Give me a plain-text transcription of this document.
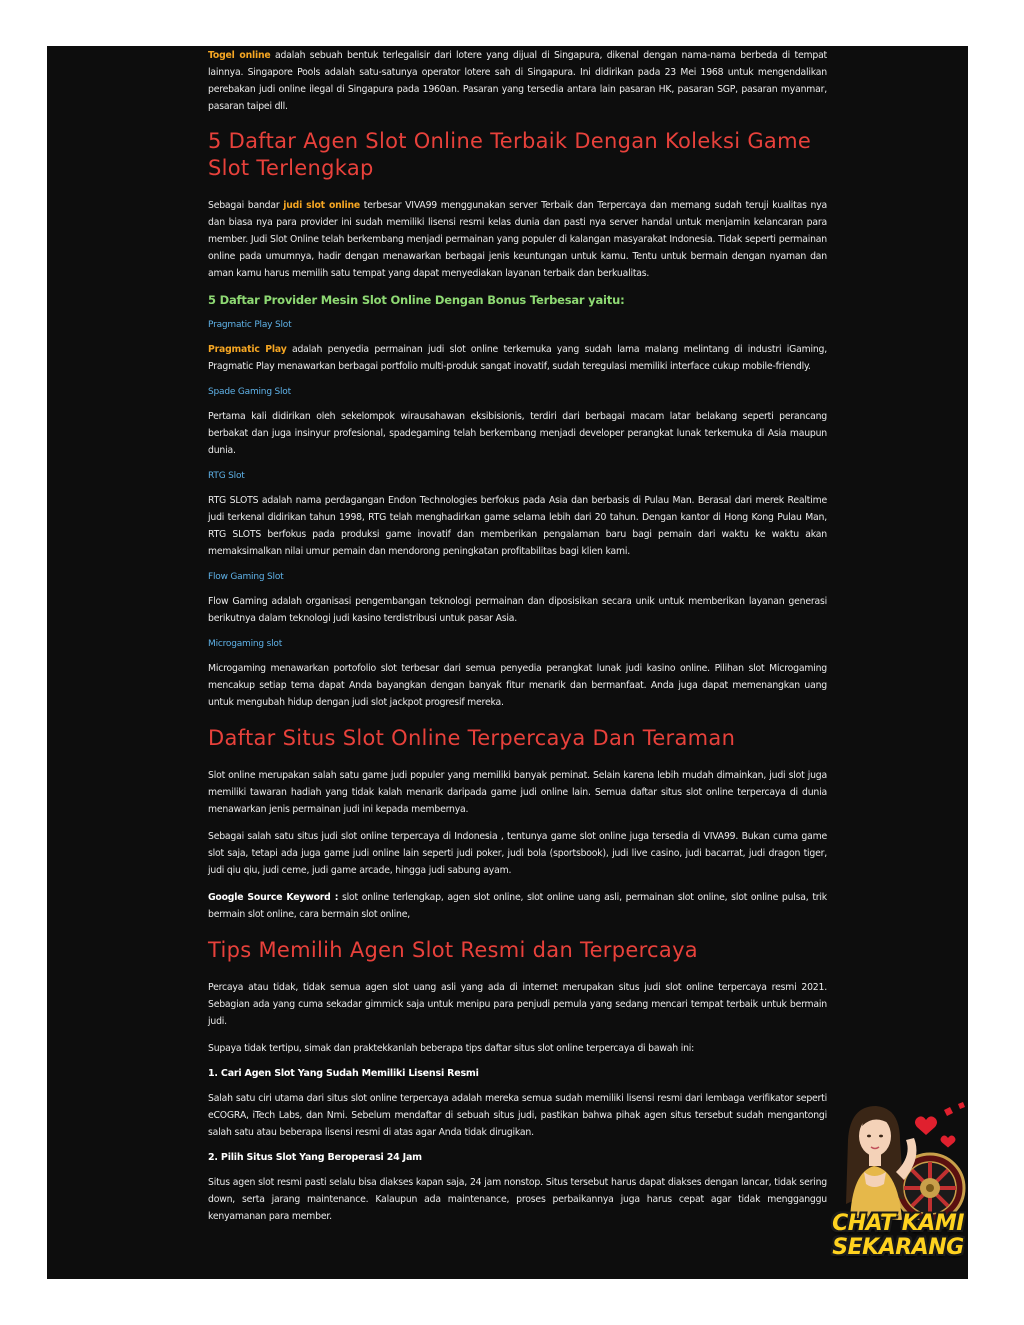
Togel online adalah sebuah bentuk terlegalisir dari lotere yang dijual di Singapura, dikenal dengan nama-nama berbeda di tempat lainnya. Singapore Pools adalah satu-satunya operator lotere sah di Singapura. Ini didirikan pada 23 Mei 1968 untuk mengendalikan perebakan judi online ilegal di Singapura pada 1960an. Pasaran yang tersedia antara lain pasaran HK, pasaran SGP, pasaran myanmar, pasaran taipei dll.

5 Daftar Agen Slot Online Terbaik Dengan Koleksi Game Slot Terlengkap

Sebagai bandar judi slot online terbesar VIVA99 menggunakan server Terbaik dan Terpercaya dan memang sudah teruji kualitas nya dan biasa nya para provider ini sudah memiliki lisensi resmi kelas dunia dan pasti nya server handal untuk menjamin kelancaran para member. Judi Slot Online telah berkembang menjadi permainan yang populer di kalangan masyarakat Indonesia. Tidak seperti permainan online pada umumnya, hadir dengan menawarkan berbagai jenis keuntungan untuk kamu. Tentu untuk bermain dengan nyaman dan aman kamu harus memilih satu tempat yang dapat menyediakan layanan terbaik dan berkualitas.

5 Daftar Provider Mesin Slot Online Dengan Bonus Terbesar yaitu:
Pragmatic Play Slot

Pragmatic Play adalah penyedia permainan judi slot online terkemuka yang sudah lama malang melintang di industri iGaming, Pragmatic Play menawarkan berbagai portfolio multi-produk sangat inovatif, sudah teregulasi memiliki interface cukup mobile-friendly.

Spade Gaming Slot

Pertama kali didirikan oleh sekelompok wirausahawan eksibisionis, terdiri dari berbagai macam latar belakang seperti perancang berbakat dan juga insinyur profesional, spadegaming telah berkembang menjadi developer perangkat lunak terkemuka di Asia maupun dunia.

RTG Slot

RTG SLOTS adalah nama perdagangan Endon Technologies berfokus pada Asia dan berbasis di Pulau Man. Berasal dari merek Realtime judi terkenal didirikan tahun 1998, RTG telah menghadirkan game selama lebih dari 20 tahun. Dengan kantor di Hong Kong Pulau Man, RTG SLOTS berfokus pada produksi game inovatif dan memberikan pengalaman baru bagi pemain dari waktu ke waktu akan memaksimalkan nilai umur pemain dan mendorong peningkatan profitabilitas bagi klien kami.

Flow Gaming Slot

Flow Gaming adalah organisasi pengembangan teknologi permainan dan diposisikan secara unik untuk memberikan layanan generasi berikutnya dalam teknologi judi kasino terdistribusi untuk pasar Asia.

Microgaming slot

Microgaming menawarkan portofolio slot terbesar dari semua penyedia perangkat lunak judi kasino online. Pilihan slot Microgaming mencakup setiap tema dapat Anda bayangkan dengan banyak fitur menarik dan bermanfaat. Anda juga dapat memenangkan uang untuk mengubah hidup dengan judi slot jackpot progresif mereka.

Daftar Situs Slot Online Terpercaya Dan Teraman

Slot online merupakan salah satu game judi populer yang memiliki banyak peminat. Selain karena lebih mudah dimainkan, judi slot juga memiliki tawaran hadiah yang tidak kalah menarik daripada game judi online lain. Semua daftar situs slot online terpercaya di dunia menawarkan jenis permainan judi ini kepada membernya.

Sebagai salah satu situs judi slot online terpercaya di Indonesia , tentunya game slot online juga tersedia di VIVA99. Bukan cuma game slot saja, tetapi ada juga game judi online lain seperti judi poker, judi bola (sportsbook), judi live casino, judi bacarrat, judi dragon tiger, judi qiu qiu, judi ceme, judi game arcade, hingga judi sabung ayam.

Google Source Keyword : slot online terlengkap, agen slot online, slot online uang asli, permainan slot online, slot online pulsa, trik bermain slot online, cara bermain slot online,

Tips Memilih Agen Slot Resmi dan Terpercaya

Percaya atau tidak, tidak semua agen slot uang asli yang ada di internet merupakan situs judi slot online terpercaya resmi 2021. Sebagian ada yang cuma sekadar gimmick saja untuk menipu para penjudi pemula yang sedang mencari tempat terbaik untuk bermain judi.

Supaya tidak tertipu, simak dan praktekkanlah beberapa tips daftar situs slot online terpercaya di bawah ini:

1. Cari Agen Slot Yang Sudah Memiliki Lisensi Resmi

Salah satu ciri utama dari situs slot online terpercaya adalah mereka semua sudah memiliki lisensi resmi dari lembaga verifikator seperti eCOGRA, iTech Labs, dan Nmi. Sebelum mendaftar di sebuah situs judi, pastikan bahwa pihak agen situs tersebut sudah mengantongi salah satu atau beberapa lisensi resmi di atas agar Anda tidak dirugikan.

2. Pilih Situs Slot Yang Beroperasi 24 Jam

Situs agen slot resmi pasti selalu bisa diakses kapan saja, 24 jam nonstop. Situs tersebut harus dapat diakses dengan lancar, tidak sering down, serta jarang maintenance. Kalaupun ada maintenance, proses perbaikannya juga harus cepat agar tidak mengganggu kenyamanan para member.	CHAT KAMI
SEKARANG
